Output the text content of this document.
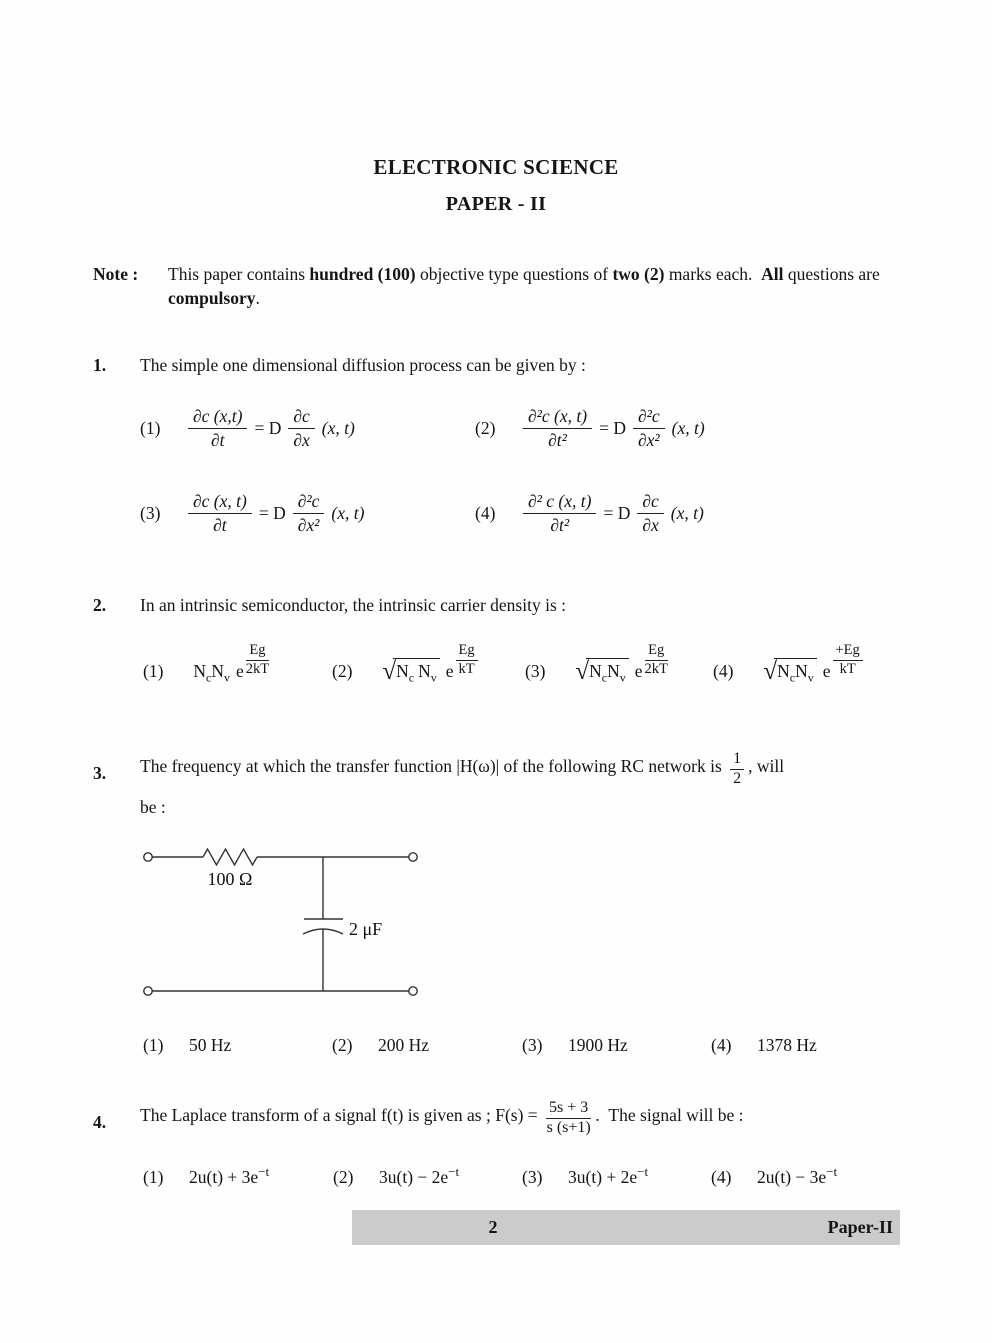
ELECTRONIC SCIENCE
PAPER - II
Note :	This paper contains hundred (100) objective type questions of two (2) marks each.  All questions are compulsory.
1. The simple one dimensional diffusion process can be given by :
(1)	$\frac{\partial c (x,t)}{\partial t} = D \frac{\partial c}{\partial x} (x$, t)	(2)	$\frac{\text{∂²c (x, t)}}{\text{∂t²}} = D \frac{\text{∂²c}}{\text{∂x²}} (x$, t)
(3)	$\frac{\partial c (x, t)}{\partial t} = D \frac{\text{∂²c}}{\text{∂x²}} (x$, t)	(4)	$\frac{\text{∂² c (x, t)}}{\text{∂t²}} = D \frac{\partial c}{\partial x} (x$, t)
2. In an intrinsic semiconductor, the intrinsic carrier density is :
(1) $N_cN_v$ e $\frac{Eg}{2kT}$	(2) $√N_c$ $N_v$ e $\frac{Eg}{kT}$	(3) $√N_cN_v$ e $\frac{Eg}{2kT}$	(4) $√N_cN_v$ e $\frac{+Eg}{kT}$
3. The frequency at which the transfer function |H(ω)| of the following RC network is $\frac{1}{2}$ , will
be :
100 Ω
2 μF
(1) 50 Hz	(2) 200 Hz	(3) 1900 Hz	(4) 1378 Hz
4. The Laplace transform of a signal f(t) is given as ; $F(s) = \frac{5s + 3}{s (s+1)}$ .  The signal will be :
(1) $2u(t) + 3e^{-t}$	(2) $3u(t) - 2e^{-t}$	(3) $3u(t) + 2e^{-t}$	(4) $2u(t) - 3e^{-t}$
2	Paper-II
